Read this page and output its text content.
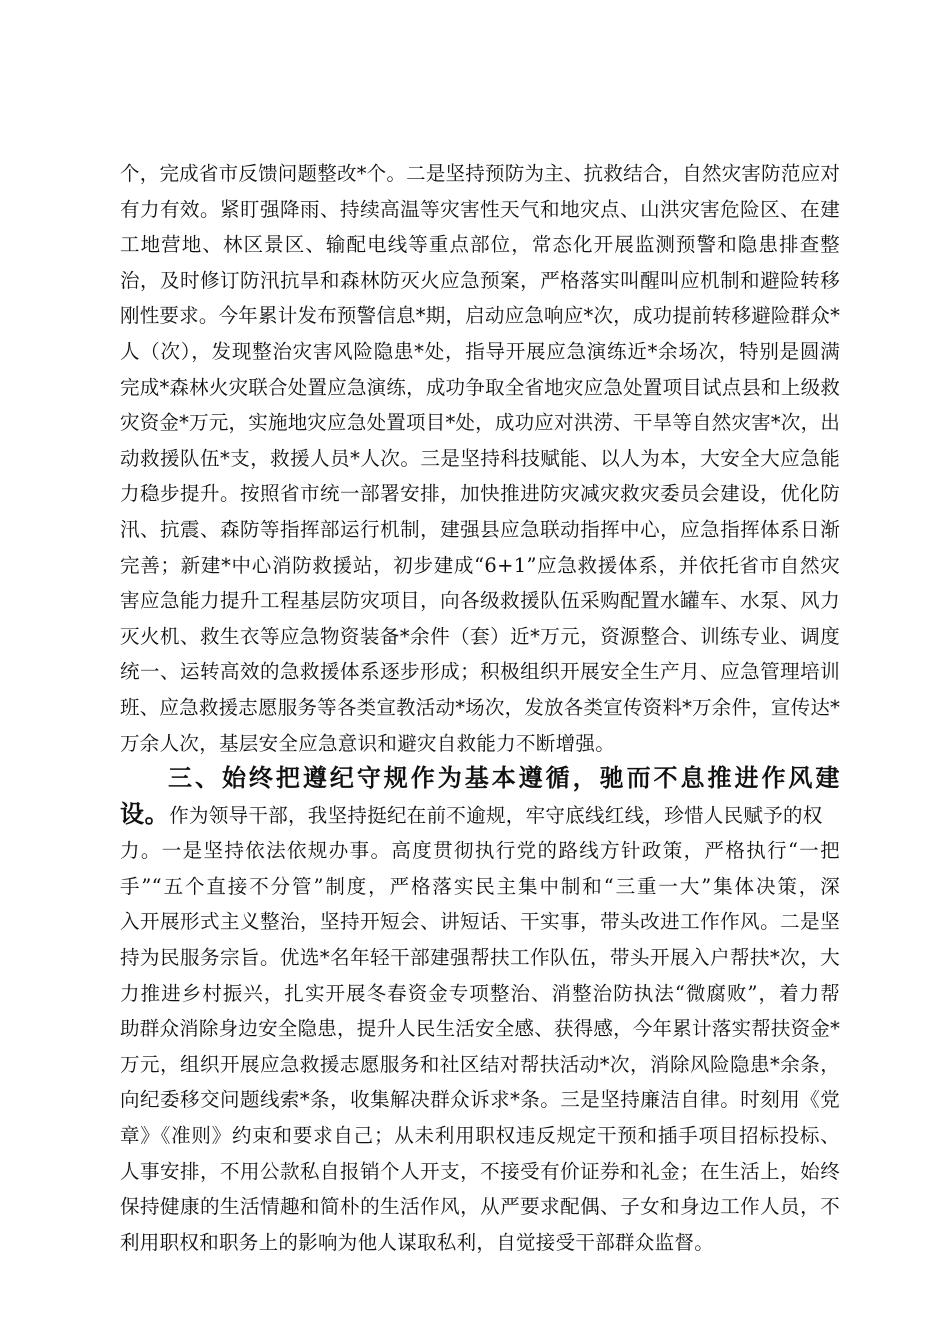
个，完成省市反馈问题整改*个。二是坚持预防为主、抗救结合，自然灾害防范应对
有力有效。紧盯强降雨、持续高温等灾害性天气和地灾点、山洪灾害危险区、在建
工地营地、林区景区、输配电线等重点部位，常态化开展监测预警和隐患排查整
治，及时修订防汛抗旱和森林防灭火应急预案，严格落实叫醒叫应机制和避险转移
刚性要求。今年累计发布预警信息*期，启动应急响应*次，成功提前转移避险群众*
人（次），发现整治灾害风险隐患*处，指导开展应急演练近*余场次，特别是圆满
完成*森林火灾联合处置应急演练，成功争取全省地灾应急处置项目试点县和上级救
灾资金*万元，实施地灾应急处置项目*处，成功应对洪涝、干旱等自然灾害*次，出
动救援队伍*支，救援人员*人次。三是坚持科技赋能、以人为本，大安全大应急能
力稳步提升。按照省市统一部署安排，加快推进防灾减灾救灾委员会建设，优化防
汛、抗震、森防等指挥部运行机制，建强县应急联动指挥中心，应急指挥体系日渐
完善；新建*中心消防救援站，初步建成“6+1”应急救援体系，并依托省市自然灾
害应急能力提升工程基层防灾项目，向各级救援队伍采购配置水罐车、水泵、风力
灭火机、救生衣等应急物资装备*余件（套）近*万元，资源整合、训练专业、调度
统一、运转高效的急救援体系逐步形成；积极组织开展安全生产月、应急管理培训
班、应急救援志愿服务等各类宣教活动*场次，发放各类宣传资料*万余件，宣传达*
万余人次，基层安全应急意识和避灾自救能力不断增强。
三、始终把遵纪守规作为基本遵循，驰而不息推进作风建
设。作为领导干部，我坚持挺纪在前不逾规，牢守底线红线，珍惜人民赋予的权
力。一是坚持依法依规办事。高度贯彻执行党的路线方针政策，严格执行“一把
手”“五个直接不分管”制度，严格落实民主集中制和“三重一大”集体决策，深
入开展形式主义整治，坚持开短会、讲短话、干实事，带头改进工作作风。二是坚
持为民服务宗旨。优选*名年轻干部建强帮扶工作队伍，带头开展入户帮扶*次，大
力推进乡村振兴，扎实开展冬春资金专项整治、消整治防执法“微腐败”，着力帮
助群众消除身边安全隐患，提升人民生活安全感、获得感，今年累计落实帮扶资金*
万元，组织开展应急救援志愿服务和社区结对帮扶活动*次，消除风险隐患*余条，
向纪委移交问题线索*条，收集解决群众诉求*条。三是坚持廉洁自律。时刻用《党
章》《准则》约束和要求自己；从未利用职权违反规定干预和插手项目招标投标、
人事安排，不用公款私自报销个人开支，不接受有价证券和礼金；在生活上，始终
保持健康的生活情趣和简朴的生活作风，从严要求配偶、子女和身边工作人员，不
利用职权和职务上的影响为他人谋取私利，自觉接受干部群众监督。
